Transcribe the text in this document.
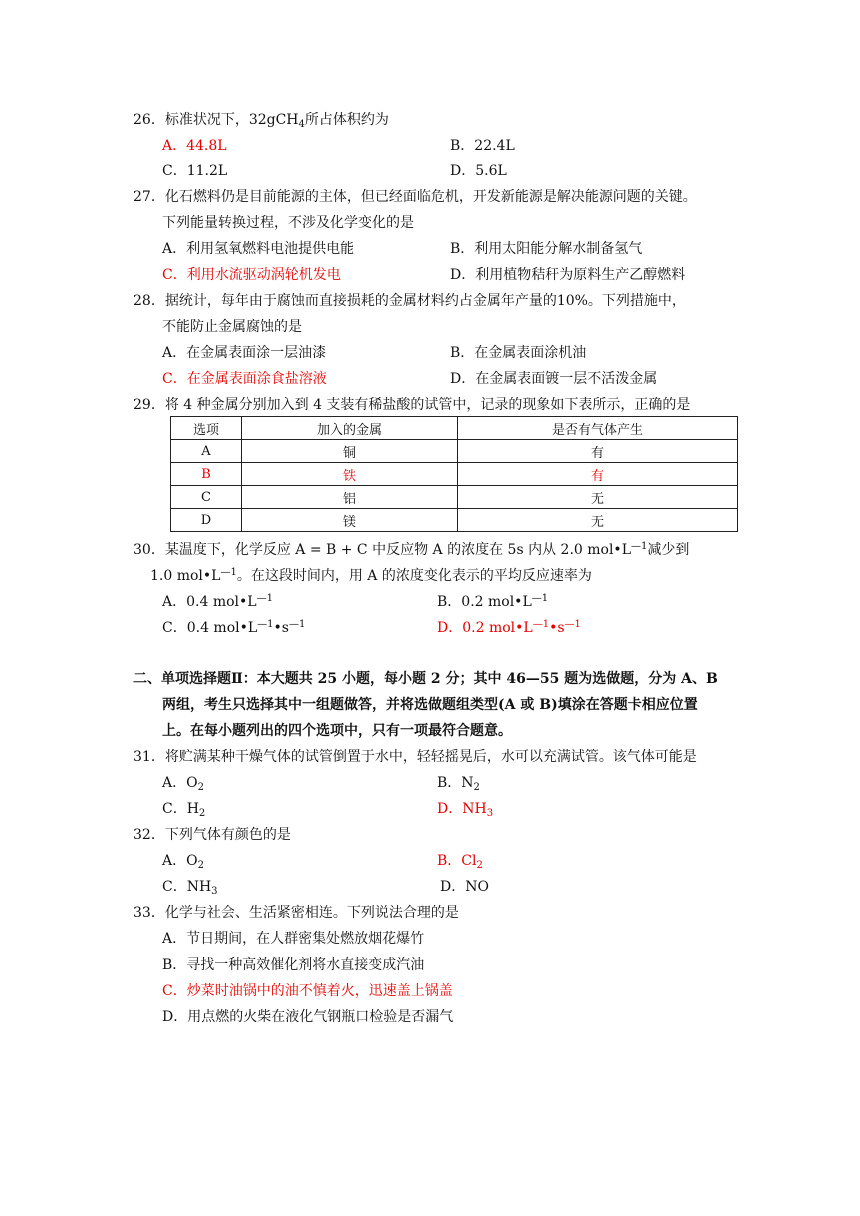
26．标准状况下，32gCH$_4$所占体积约为
A．44.8L	B．22.4L
C．11.2L	D．5.6L
27．化石燃料仍是目前能源的主体，但已经面临危机，开发新能源是解决能源问题的关键。
下列能量转换过程，不涉及化学变化的是
A．利用氢氧燃料电池提供电能	B．利用太阳能分解水制备氢气
C．利用水流驱动涡轮机发电	D．利用植物秸秆为原料生产乙醇燃料
28．据统计，每年由于腐蚀而直接损耗的金属材料约占金属年产量的10%。下列措施中，
不能防止金属腐蚀的是
A．在金属表面涂一层油漆	B．在金属表面涂机油
C．在金属表面涂食盐溶液	D．在金属表面镀一层不活泼金属
29．将 4 种金属分别加入到 4 支装有稀盐酸的试管中，记录的现象如下表所示，正确的是
选项	加入的金属	是否有气体产生
A	铜	有
B	铁	有
C	铝	无
D	镁	无
30．某温度下，化学反应 A = B + C 中反应物 A 的浓度在 5s 内从 2.0 $mol•L^{—1}$减少到
1.0 $mol•L^{—1}$。在这段时间内，用 A 的浓度变化表示的平均反应速率为
A．0.4 $mol•L^{—1}$	B．0.2 $mol•L^{—1}$
C．0.4 $mol•L^{—1}•s^{—1}$	D．0.2 $mol•L^{—1}•s^{—1}$
二、单项选择题Ⅱ：本大题共 25 小题，每小题 2 分；其中 46—55 题为选做题，分为 A、B
两组，考生只选择其中一组题做答，并将选做题组类型(A 或 B)填涂在答题卡相应位置
上。在每小题列出的四个选项中，只有一项最符合题意。
31．将贮满某种干燥气体的试管倒置于水中，轻轻摇晃后，水可以充满试管。该气体可能是
A．$O_2$	B．$N_2$
C．$H_2$	D．$NH_3$
32．下列气体有颜色的是
A．$O_2$	B．$Cl_2$
C．$NH_3$	D．NO
33．化学与社会、生活紧密相连。下列说法合理的是
A．节日期间，在人群密集处燃放烟花爆竹
B．寻找一种高效催化剂将水直接变成汽油
C．炒菜时油锅中的油不慎着火，迅速盖上锅盖
D．用点燃的火柴在液化气钢瓶口检验是否漏气
